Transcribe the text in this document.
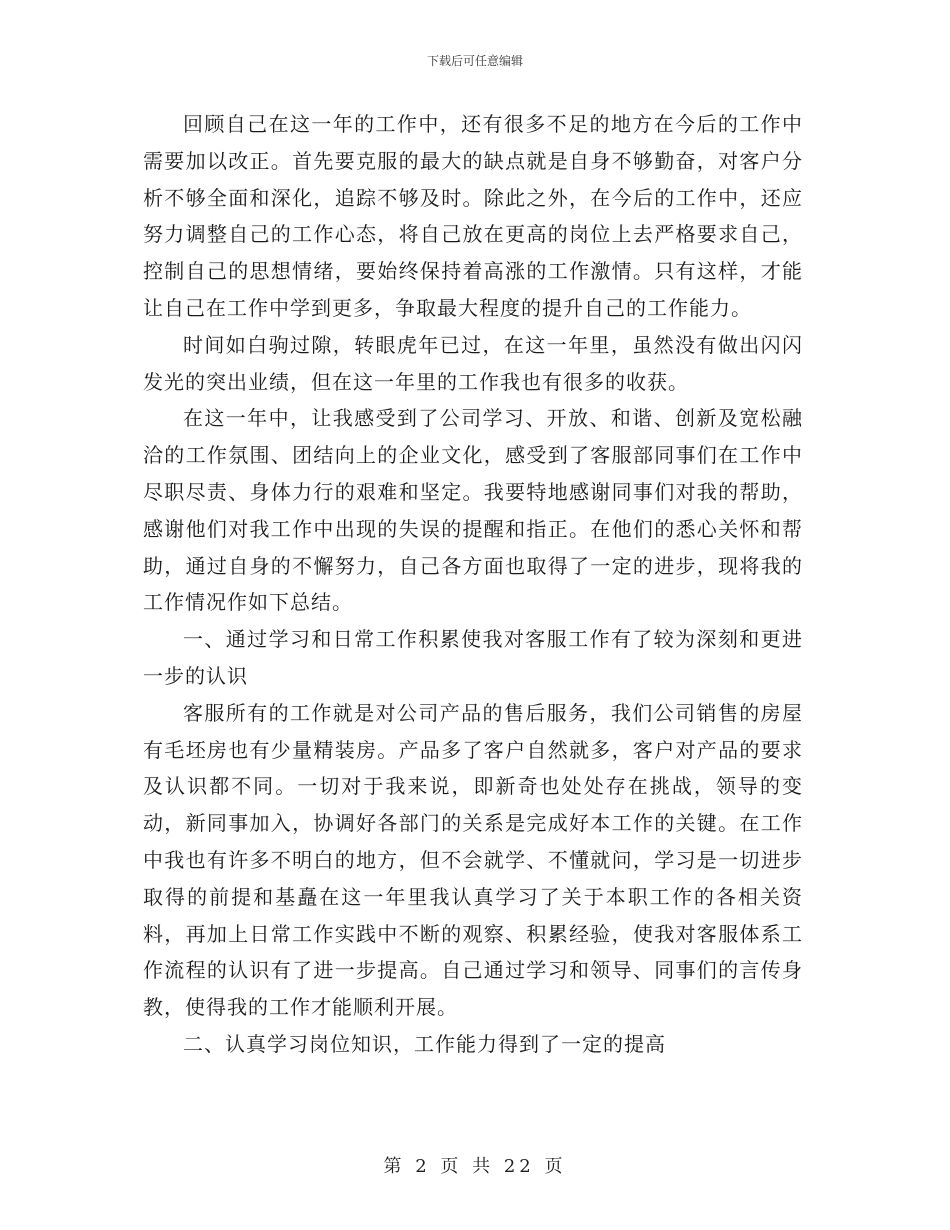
下载后可任意编辑

回顾自己在这一年的工作中，还有很多不足的地方在今后的工作中需要加以改正。首先要克服的最大的缺点就是自身不够勤奋，对客户分析不够全面和深化，追踪不够及时。除此之外，在今后的工作中，还应努力调整自己的工作心态，将自己放在更高的岗位上去严格要求自己，控制自己的思想情绪，要始终保持着高涨的工作激情。只有这样，才能让自己在工作中学到更多，争取最大程度的提升自己的工作能力。

时间如白驹过隙，转眼虎年已过，在这一年里，虽然没有做出闪闪发光的突出业绩，但在这一年里的工作我也有很多的收获。

在这一年中，让我感受到了公司学习、开放、和谐、创新及宽松融洽的工作氛围、团结向上的企业文化，感受到了客服部同事们在工作中尽职尽责、身体力行的艰难和坚定。我要特地感谢同事们对我的帮助，感谢他们对我工作中出现的失误的提醒和指正。在他们的悉心关怀和帮助，通过自身的不懈努力，自己各方面也取得了一定的进步，现将我的工作情况作如下总结。

一、通过学习和日常工作积累使我对客服工作有了较为深刻和更进一步的认识

客服所有的工作就是对公司产品的售后服务，我们公司销售的房屋有毛坯房也有少量精装房。产品多了客户自然就多，客户对产品的要求及认识都不同。一切对于我来说，即新奇也处处存在挑战，领导的变动，新同事加入，协调好各部门的关系是完成好本工作的关键。在工作中我也有许多不明白的地方，但不会就学、不懂就问，学习是一切进步取得的前提和基矗在这一年里我认真学习了关于本职工作的各相关资料，再加上日常工作实践中不断的观察、积累经验，使我对客服体系工作流程的认识有了进一步提高。自己通过学习和领导、同事们的言传身教，使得我的工作才能顺利开展。

二、认真学习岗位知识，工作能力得到了一定的提高

第 2 页 共 22 页
